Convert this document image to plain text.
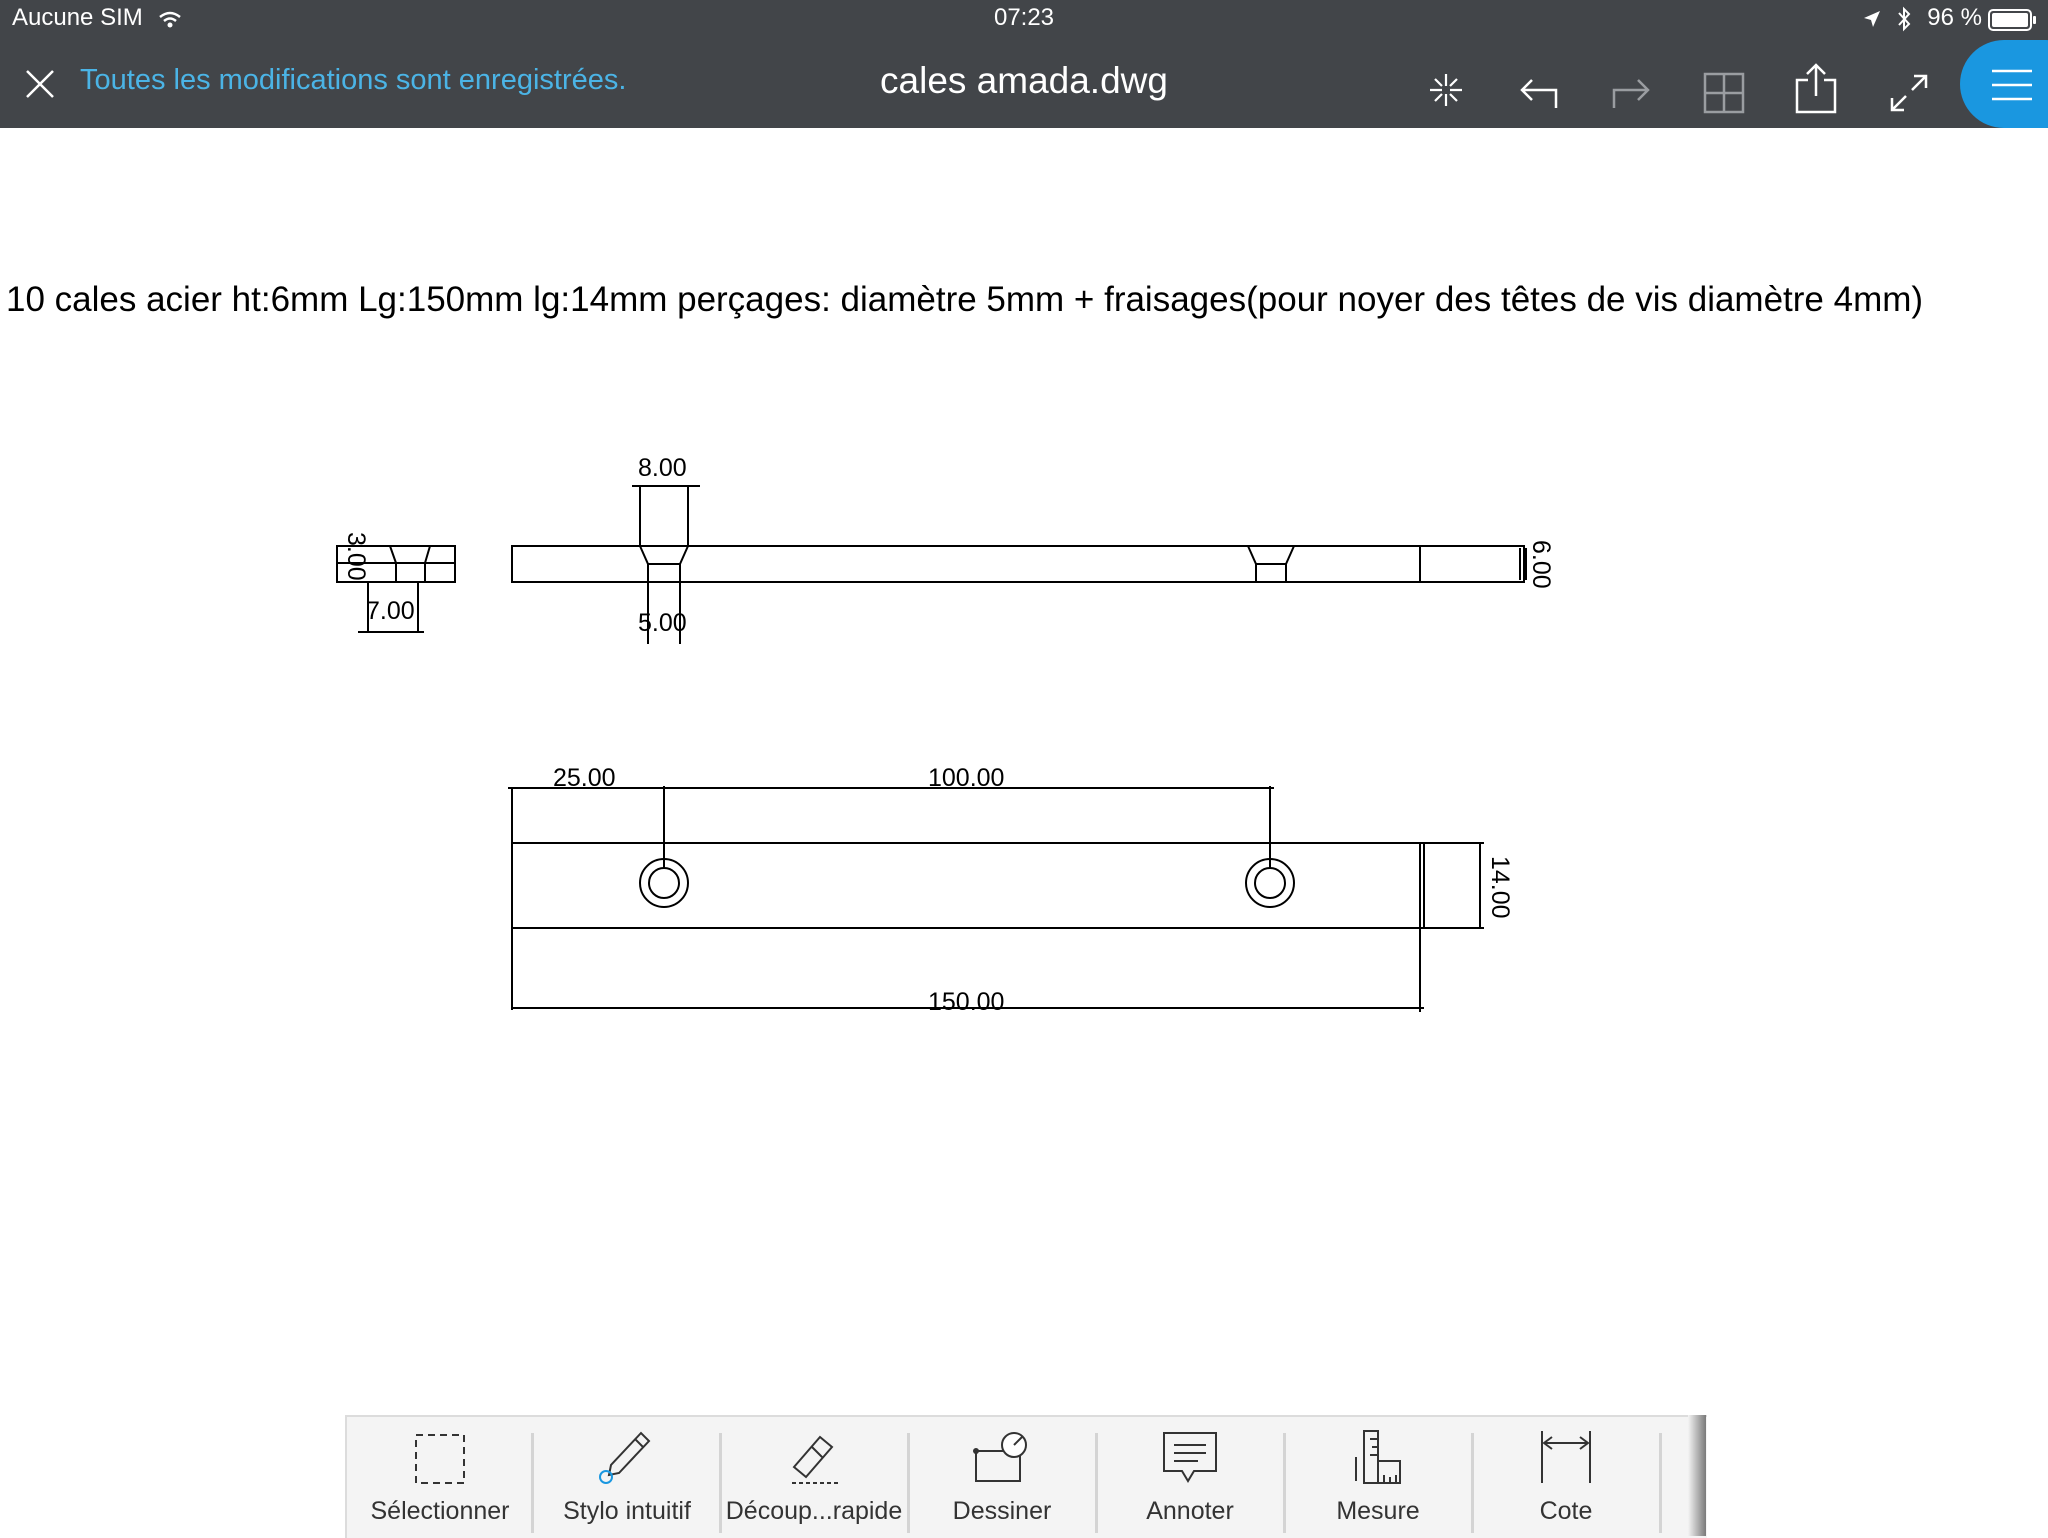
Aucune SIM	07:23	96 %
Toutes les modifications sont enregistrées.	cales amada.dwg
10 cales acier ht:6mm Lg:150mm lg:14mm perçages: diamètre 5mm + fraisages(pour noyer des têtes de vis diamètre 4mm)
3.00
7.00
8.00
5.00
6.00
25.00	100.00
14.00
150.00
Sélectionner	Stylo intuitif	Découp...rapide	Dessiner	Annoter	Mesure	Cote
